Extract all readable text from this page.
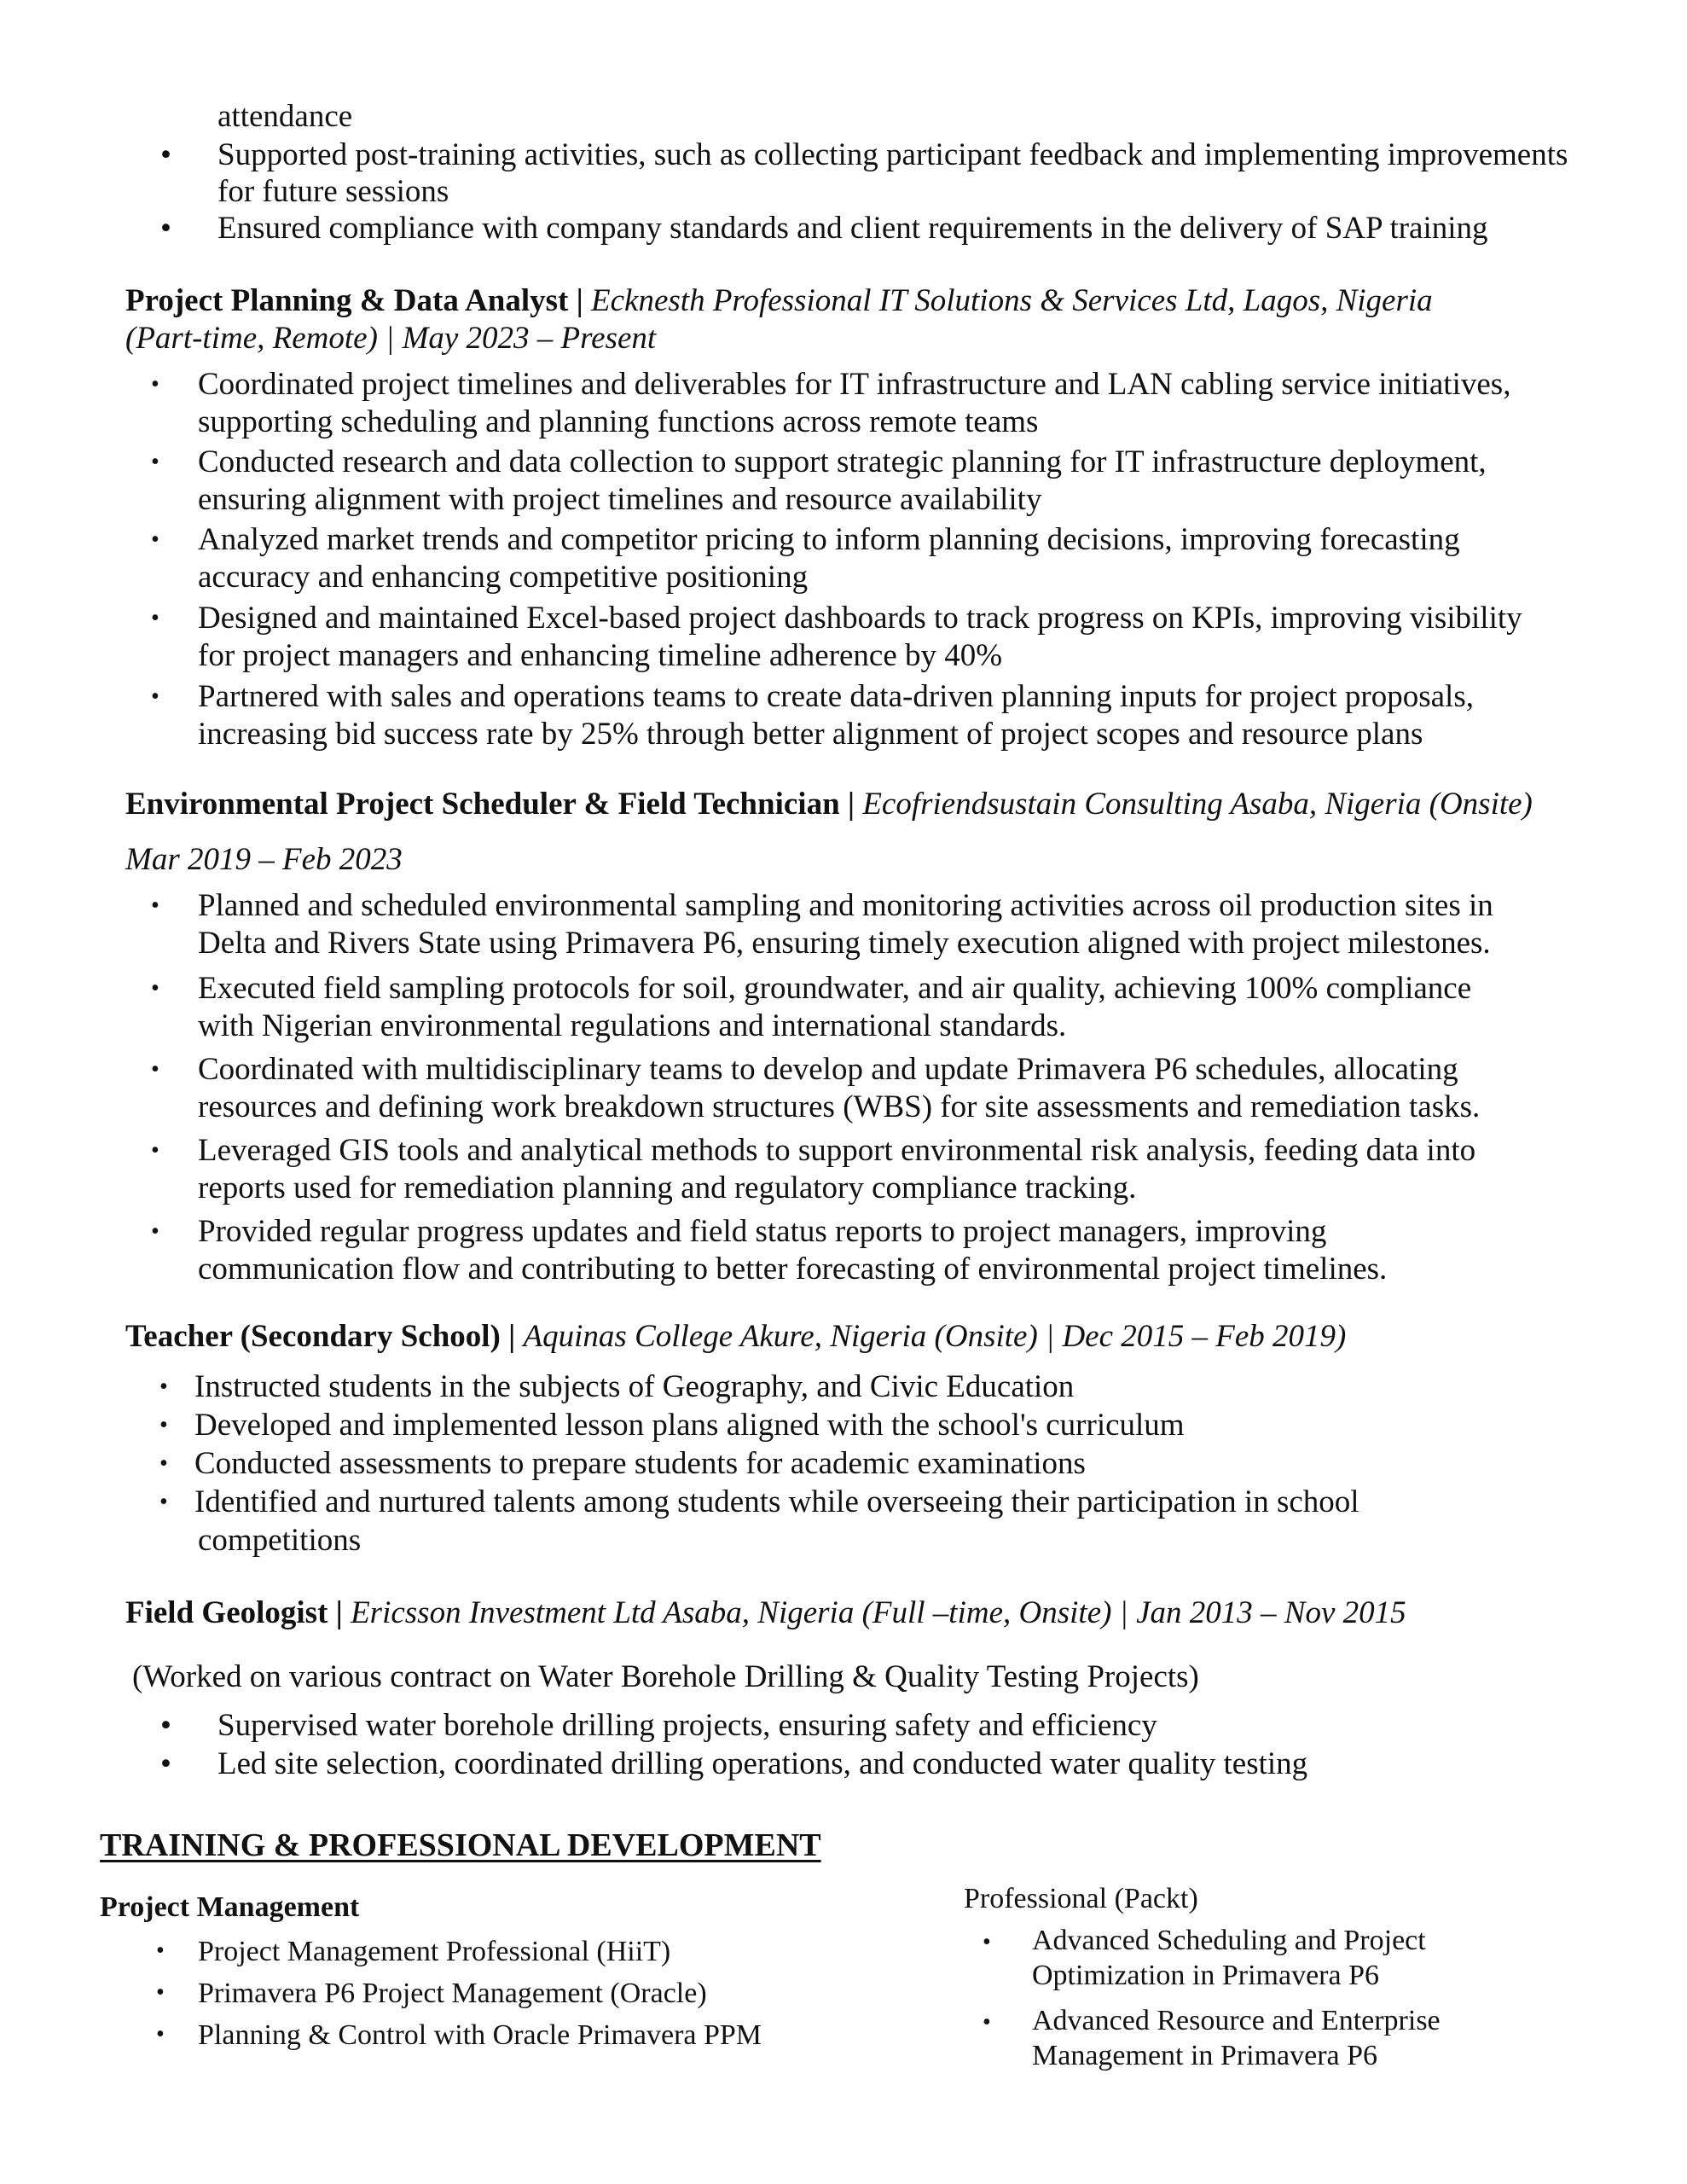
attendance
• Supported post-training activities, such as collecting participant feedback and implementing improvements
for future sessions
• Ensured compliance with company standards and client requirements in the delivery of SAP training
Project Planning & Data Analyst | Ecknesth Professional IT Solutions & Services Ltd, Lagos, Nigeria
(Part-time, Remote) | May 2023 – Present
• Coordinated project timelines and deliverables for IT infrastructure and LAN cabling service initiatives,
supporting scheduling and planning functions across remote teams
• Conducted research and data collection to support strategic planning for IT infrastructure deployment,
ensuring alignment with project timelines and resource availability
• Analyzed market trends and competitor pricing to inform planning decisions, improving forecasting
accuracy and enhancing competitive positioning
• Designed and maintained Excel-based project dashboards to track progress on KPIs, improving visibility
for project managers and enhancing timeline adherence by 40%
• Partnered with sales and operations teams to create data-driven planning inputs for project proposals,
increasing bid success rate by 25% through better alignment of project scopes and resource plans
Environmental Project Scheduler & Field Technician | Ecofriendsustain Consulting Asaba, Nigeria (Onsite)
Mar 2019 – Feb 2023
• Planned and scheduled environmental sampling and monitoring activities across oil production sites in
Delta and Rivers State using Primavera P6, ensuring timely execution aligned with project milestones.
• Executed field sampling protocols for soil, groundwater, and air quality, achieving 100% compliance
with Nigerian environmental regulations and international standards.
• Coordinated with multidisciplinary teams to develop and update Primavera P6 schedules, allocating
resources and defining work breakdown structures (WBS) for site assessments and remediation tasks.
• Leveraged GIS tools and analytical methods to support environmental risk analysis, feeding data into
reports used for remediation planning and regulatory compliance tracking.
• Provided regular progress updates and field status reports to project managers, improving
communication flow and contributing to better forecasting of environmental project timelines.
Teacher (Secondary School) | Aquinas College Akure, Nigeria (Onsite) | Dec 2015 – Feb 2019)
• Instructed students in the subjects of Geography, and Civic Education
• Developed and implemented lesson plans aligned with the school's curriculum
• Conducted assessments to prepare students for academic examinations
• Identified and nurtured talents among students while overseeing their participation in school
competitions
Field Geologist | Ericsson Investment Ltd Asaba, Nigeria (Full –time, Onsite) | Jan 2013 – Nov 2015
(Worked on various contract on Water Borehole Drilling & Quality Testing Projects)
• Supervised water borehole drilling projects, ensuring safety and efficiency
• Led site selection, coordinated drilling operations, and conducted water quality testing
TRAINING & PROFESSIONAL DEVELOPMENT
Project Management
• Project Management Professional (HiiT)
• Primavera P6 Project Management (Oracle)
• Planning & Control with Oracle Primavera PPM
Professional (Packt)
• Advanced Scheduling and Project
Optimization in Primavera P6
• Advanced Resource and Enterprise
Management in Primavera P6
